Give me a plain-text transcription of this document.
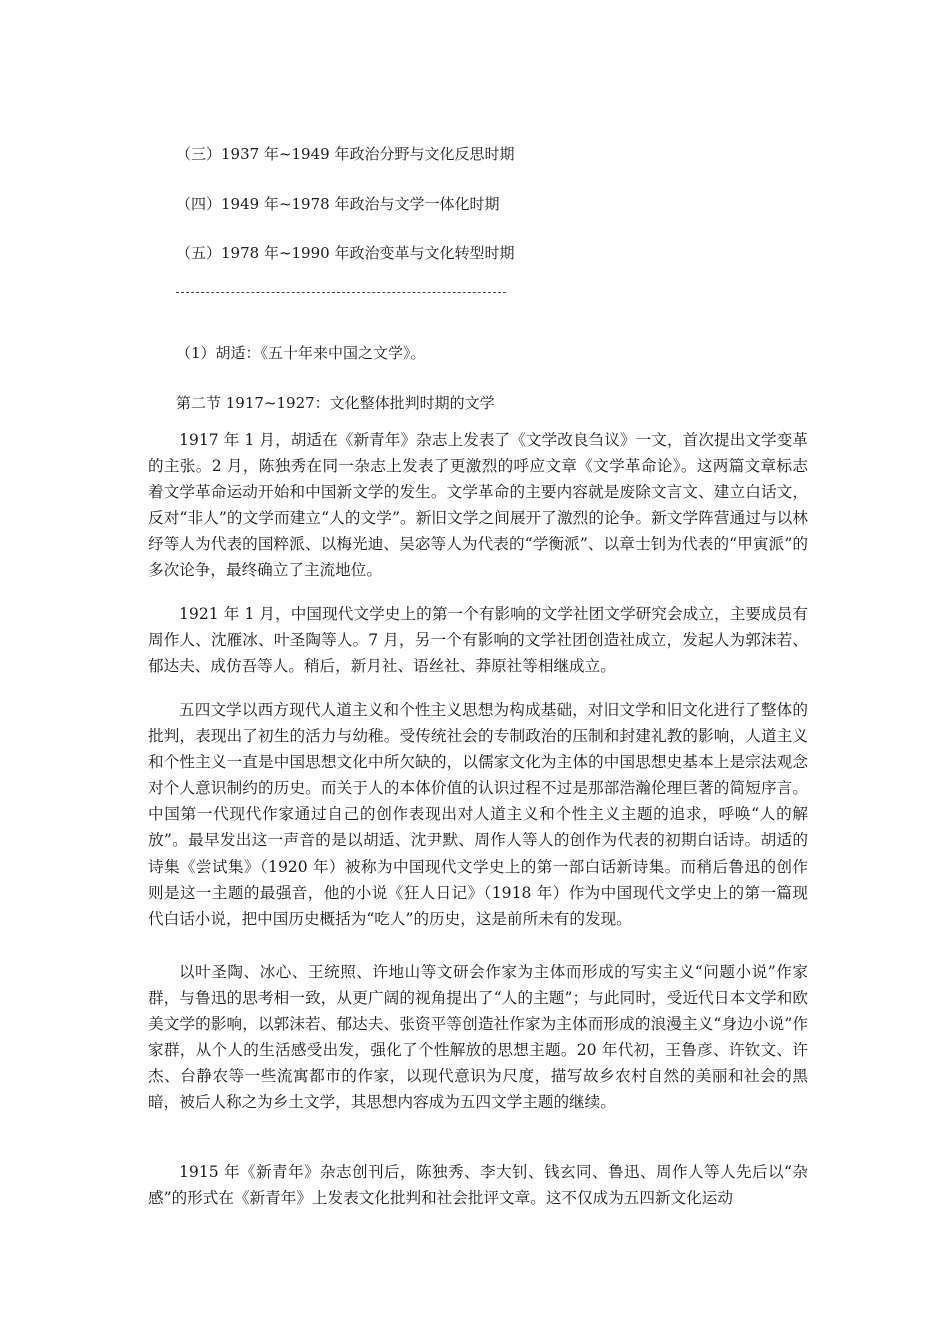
（三）1937 年~1949 年政治分野与文化反思时期
（四）1949 年~1978 年政治与文学一体化时期
（五）1978 年~1990 年政治变革与文化转型时期
（1）胡适：《五十年来中国之文学》。
第二节 1917~1927：文化整体批判时期的文学

1917 年 1 月，胡适在《新青年》杂志上发表了《文学改良刍议》一文，首次提出文学变革的主张。2 月，陈独秀在同一杂志上发表了更激烈的呼应文章《文学革命论》。这两篇文章标志着文学革命运动开始和中国新文学的发生。文学革命的主要内容就是废除文言文、建立白话文，反对“非人”的文学而建立“人的文学”。新旧文学之间展开了激烈的论争。新文学阵营通过与以林纾等人为代表的国粹派、以梅光迪、吴宓等人为代表的“学衡派”、以章士钊为代表的“甲寅派”的多次论争，最终确立了主流地位。

1921 年 1 月，中国现代文学史上的第一个有影响的文学社团文学研究会成立，主要成员有周作人、沈雁冰、叶圣陶等人。7 月，另一个有影响的文学社团创造社成立，发起人为郭沫若、郁达夫、成仿吾等人。稍后，新月社、语丝社、莽原社等相继成立。

五四文学以西方现代人道主义和个性主义思想为构成基础，对旧文学和旧文化进行了整体的批判，表现出了初生的活力与幼稚。受传统社会的专制政治的压制和封建礼教的影响，人道主义和个性主义一直是中国思想文化中所欠缺的，以儒家文化为主体的中国思想史基本上是宗法观念对个人意识制约的历史。而关于人的本体价值的认识过程不过是那部浩瀚伦理巨著的简短序言。中国第一代现代作家通过自己的创作表现出对人道主义和个性主义主题的追求，呼唤“人的解放”。最早发出这一声音的是以胡适、沈尹默、周作人等人的创作为代表的初期白话诗。胡适的诗集《尝试集》（1920 年）被称为中国现代文学史上的第一部白话新诗集。而稍后鲁迅的创作则是这一主题的最强音，他的小说《狂人日记》（1918 年）作为中国现代文学史上的第一篇现代白话小说，把中国历史概括为“吃人”的历史，这是前所未有的发现。

以叶圣陶、冰心、王统照、许地山等文研会作家为主体而形成的写实主义“问题小说”作家群，与鲁迅的思考相一致，从更广阔的视角提出了“人的主题”；与此同时，受近代日本文学和欧美文学的影响，以郭沫若、郁达夫、张资平等创造社作家为主体而形成的浪漫主义“身边小说”作家群，从个人的生活感受出发，强化了个性解放的思想主题。20 年代初，王鲁彦、许钦文、许杰、台静农等一些流寓都市的作家，以现代意识为尺度，描写故乡农村自然的美丽和社会的黑暗，被后人称之为乡土文学，其思想内容成为五四文学主题的继续。

1915 年《新青年》杂志创刊后，陈独秀、李大钊、钱玄同、鲁迅、周作人等人先后以“杂感”的形式在《新青年》上发表文化批判和社会批评文章。这不仅成为五四新文化运动
